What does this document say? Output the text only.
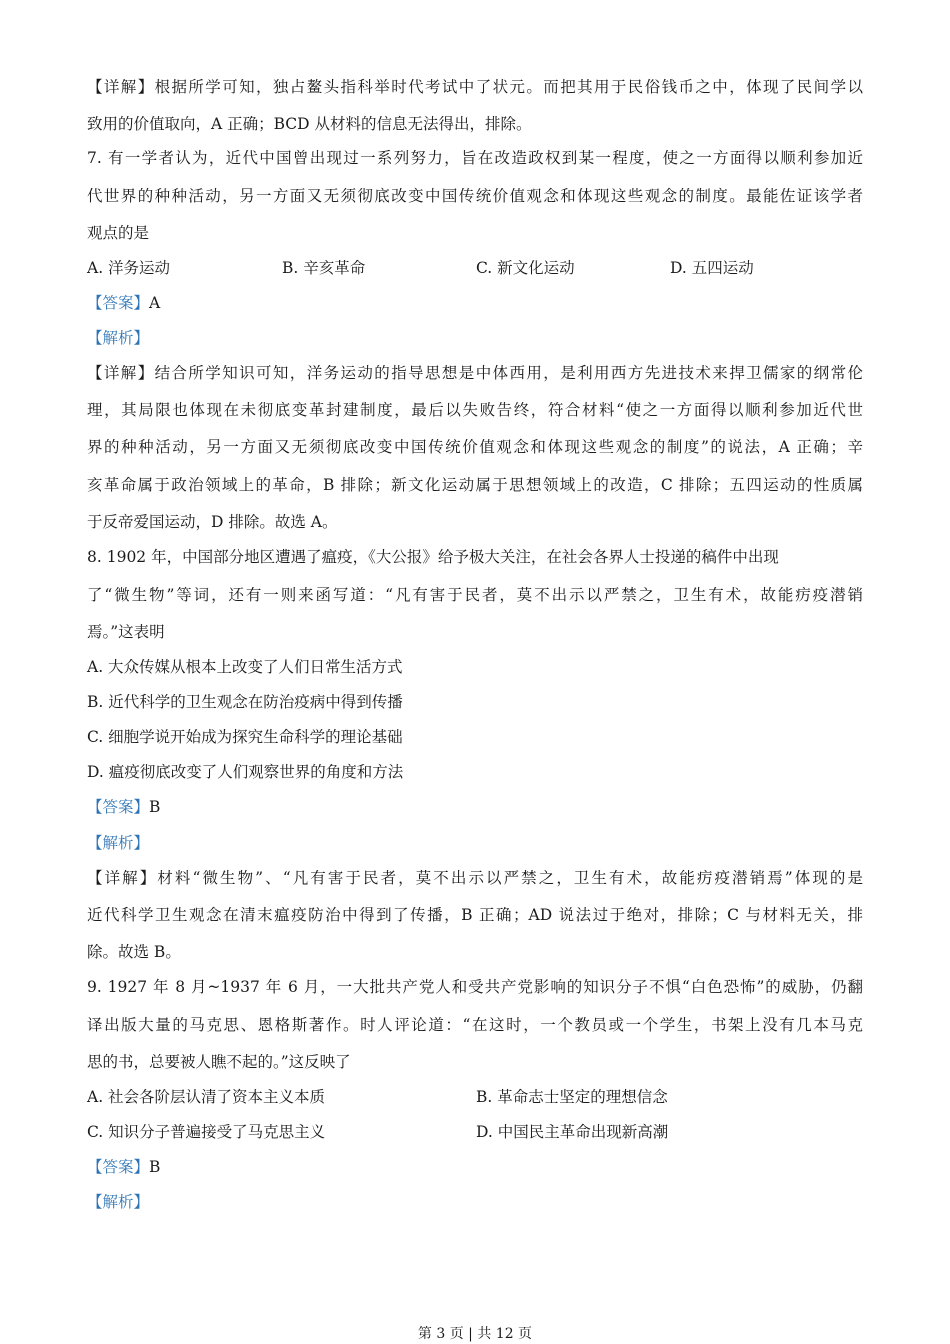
【详解】根据所学可知，独占鳌头指科举时代考试中了状元。而把其用于民俗钱币之中，体现了民间学以
致用的价值取向，A 正确；BCD 从材料的信息无法得出，排除。
7. 有一学者认为，近代中国曾出现过一系列努力，旨在改造政权到某一程度，使之一方面得以顺利参加近
代世界的种种活动，另一方面又无须彻底改变中国传统价值观念和体现这些观念的制度。最能佐证该学者
观点的是
A. 洋务运动	B. 辛亥革命	C. 新文化运动	D. 五四运动
【答案】A
【解析】
【详解】结合所学知识可知，洋务运动的指导思想是中体西用，是利用西方先进技术来捍卫儒家的纲常伦
理，其局限也体现在未彻底变革封建制度，最后以失败告终，符合材料“使之一方面得以顺利参加近代世
界的种种活动，另一方面又无须彻底改变中国传统价值观念和体现这些观念的制度”的说法，A 正确；辛
亥革命属于政治领域上的革命，B 排除；新文化运动属于思想领域上的改造，C 排除；五四运动的性质属
于反帝爱国运动，D 排除。故选 A。
8. 1902 年，中国部分地区遭遇了瘟疫，《大公报》给予极大关注，在社会各界人士投递的稿件中出现
了“微生物”等词，还有一则来函写道：“凡有害于民者，莫不出示以严禁之，卫生有术，故能疠疫潜销
焉。”这表明
A. 大众传媒从根本上改变了人们日常生活方式
B. 近代科学的卫生观念在防治疫病中得到传播
C. 细胞学说开始成为探究生命科学的理论基础
D. 瘟疫彻底改变了人们观察世界的角度和方法
【答案】B
【解析】
【详解】材料“微生物”、“凡有害于民者，莫不出示以严禁之，卫生有术，故能疠疫潜销焉”体现的是
近代科学卫生观念在清末瘟疫防治中得到了传播，B 正确；AD 说法过于绝对，排除；C 与材料无关，排
除。故选 B。
9. 1927 年 8 月~1937 年 6 月，一大批共产党人和受共产党影响的知识分子不惧“白色恐怖”的威胁，仍翻
译出版大量的马克思、恩格斯著作。时人评论道：“在这时，一个教员或一个学生，书架上没有几本马克
思的书，总要被人瞧不起的。”这反映了
A. 社会各阶层认清了资本主义本质	B. 革命志士坚定的理想信念
C. 知识分子普遍接受了马克思主义	D. 中国民主革命出现新高潮
【答案】B
【解析】
第 3 页 | 共 12 页
